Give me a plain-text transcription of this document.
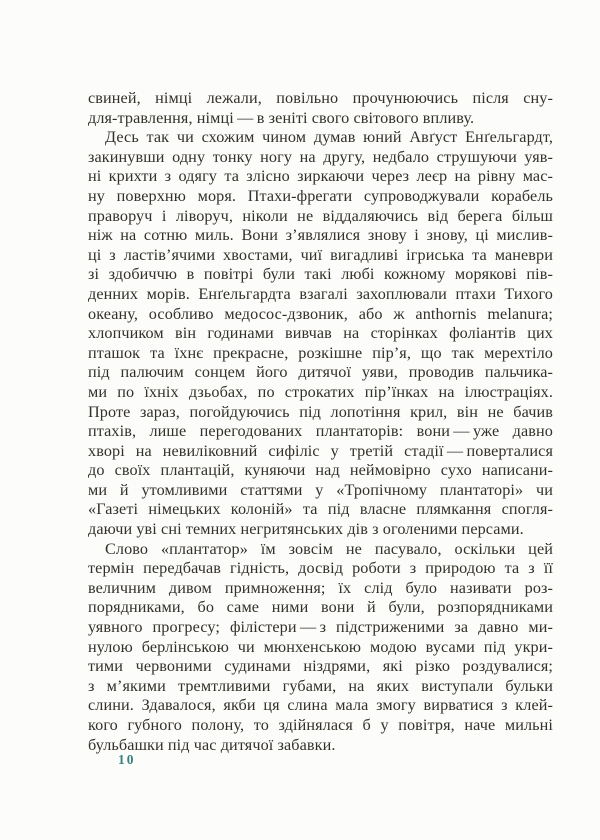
свиней, німці лежали, повільно прочунюючись після сну-
для-травлення, німці — в зеніті свого світового впливу.

Десь так чи схожим чином думав юний Авґуст Енґельгардт,
закинувши одну тонку ногу на другу, недбало струшуючи уяв-
ні крихти з одягу та злісно зиркаючи через леєр на рівну мас-
ну поверхню моря. Птахи-фрегати супроводжували корабель
праворуч і ліворуч, ніколи не віддаляючись від берега більш
ніж на сотню миль. Вони з’являлися знову і знову, ці мислив-
ці з ластів’ячими хвостами, чиї вигадливі ігриська та маневри
зі здобиччю в повітрі були такі любі кожному морякові пів-
денних морів. Енґельгардта взагалі захоплювали птахи Тихого
океану, особливо медосос-дзвоник, або ж anthornis melanura;
хлопчиком він годинами вивчав на сторінках фоліантів цих
пташок та їхнє прекрасне, розкішне пір’я, що так мерехтіло
під палючим сонцем його дитячої уяви, проводив пальчика-
ми по їхніх дзьобах, по строкатих пір’їнках на ілюстраціях.
Проте зараз, погойдуючись під лопотіння крил, він не бачив
птахів, лише перегодованих плантаторів: вони — уже давно
хворі на невиліковний сифіліс у третій стадії — поверталися
до своїх плантацій, куняючи над неймовірно сухо написани-
ми й утомливими статтями у «Тропічному плантаторі» чи
«Газеті німецьких колоній» та під власне плямкання спогля-
даючи уві сні темних негритянських дів з оголеними персами.

Слово «плантатор» їм зовсім не пасувало, оскільки цей
термін передбачав гідність, досвід роботи з природою та з її
величним дивом примноження; їх слід було називати роз-
порядниками, бо саме ними вони й були, розпорядниками
уявного прогресу; філістери — з підстриженими за давно ми-
нулою берлінською чи мюнхенською модою вусами під укри-
тими червоними судинами ніздрями, які різко роздувалися;
з м’якими тремтливими губами, на яких виступали бульки
слини. Здавалося, якби ця слина мала змогу вирватися з клей-
кого губного полону, то здійнялася б у повітря, наче мильні
бульбашки під час дитячої забавки.

10
